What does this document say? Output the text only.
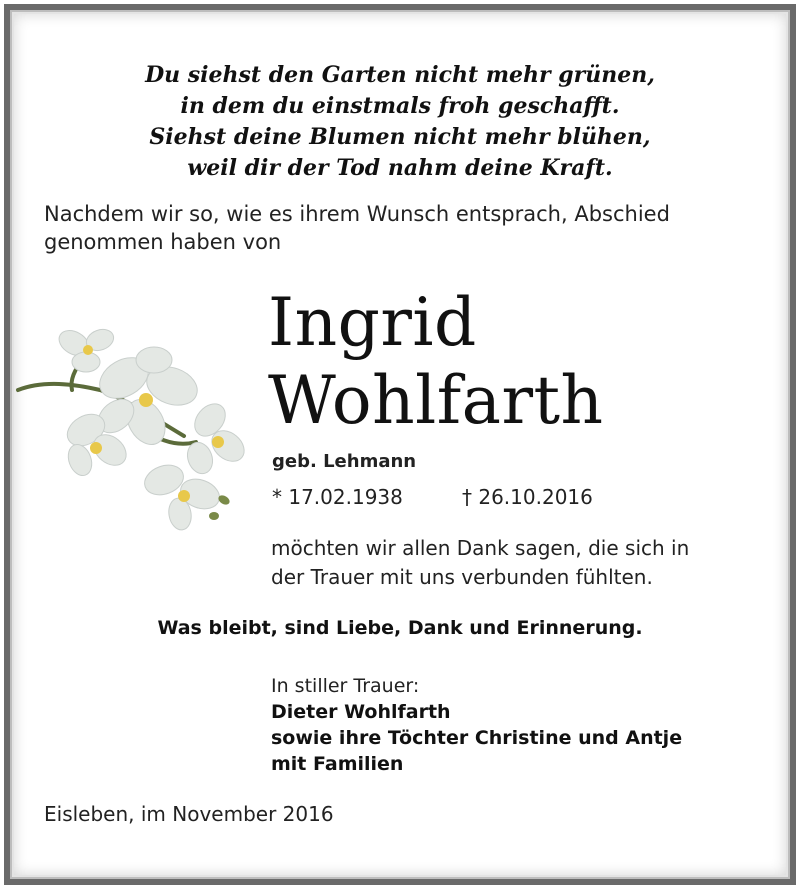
Du siehst den Garten nicht mehr grünen,
in dem du einstmals froh geschafft.
Siehst deine Blumen nicht mehr blühen,
weil dir der Tod nahm deine Kraft.
Nachdem wir so, wie es ihrem Wunsch entsprach, Abschied
genommen haben von
Ingrid
Wohlfarth
geb. Lehmann
* 17.02.1938	† 26.10.2016
möchten wir allen Dank sagen, die sich in
der Trauer mit uns verbunden fühlten.
Was bleibt, sind Liebe, Dank und Erinnerung.
In stiller Trauer:
Dieter Wohlfarth
sowie ihre Töchter Christine und Antje
mit Familien
Eisleben, im November 2016
